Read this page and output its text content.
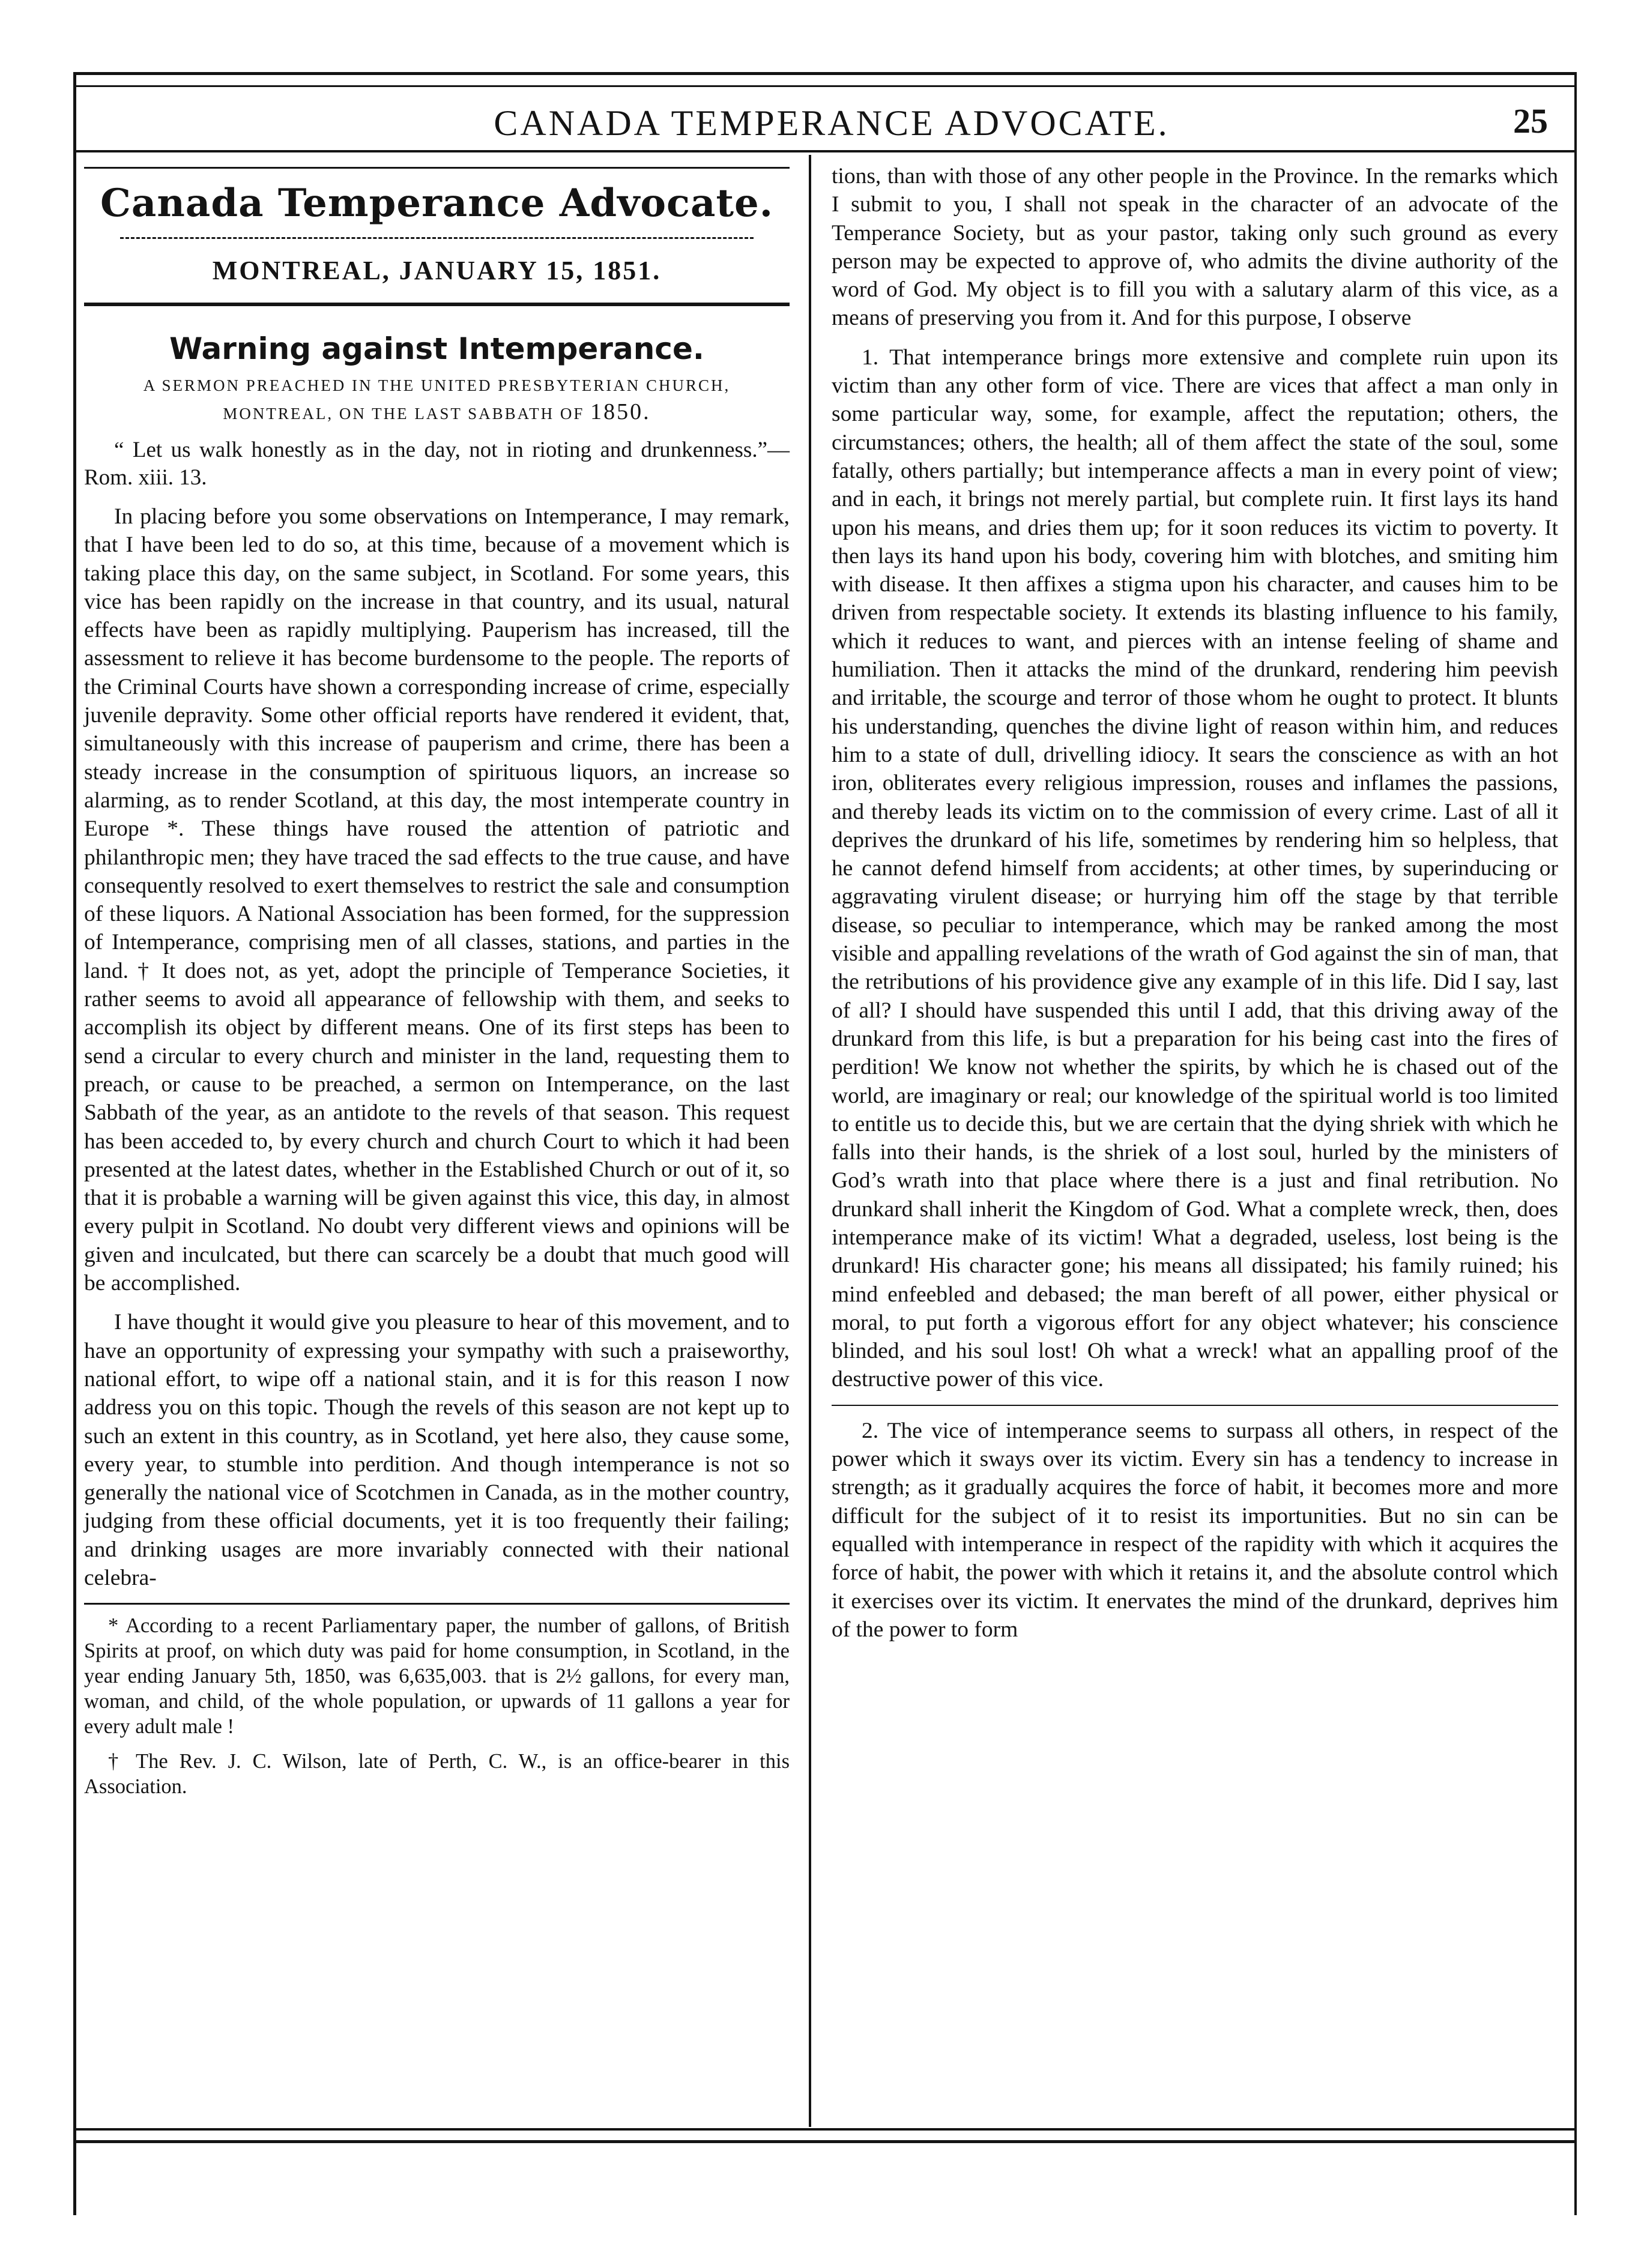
CANADA TEMPERANCE ADVOCATE.	25
Canada Temperance Advocate.
MONTREAL, JANUARY 15, 1851.
Warning against Intemperance.
A SERMON PREACHED IN THE UNITED PRESBYTERIAN CHURCH, MONTREAL, ON THE LAST SABBATH OF 1850.

“ Let us walk honestly as in the day, not in rioting and drunkenness.”—Rom. xiii. 13.

In placing before you some observations on Intemperance, I may remark, that I have been led to do so, at this time, because of a movement which is taking place this day, on the same subject, in Scotland. For some years, this vice has been rapidly on the increase in that country, and its usual, natural effects have been as rapidly multiplying. Pauperism has increased, till the assessment to relieve it has become burdensome to the people. The reports of the Criminal Courts have shown a corresponding increase of crime, especially juvenile depravity. Some other official reports have rendered it evident, that, simultaneously with this increase of pauperism and crime, there has been a steady increase in the consumption of spirituous liquors, an increase so alarming, as to render Scotland, at this day, the most intemperate country in Europe *. These things have roused the attention of patriotic and philanthropic men; they have traced the sad effects to the true cause, and have consequently resolved to exert themselves to restrict the sale and consumption of these liquors. A National Association has been formed, for the suppression of Intemperance, comprising men of all classes, stations, and parties in the land. † It does not, as yet, adopt the principle of Temperance Societies, it rather seems to avoid all appearance of fellowship with them, and seeks to accomplish its object by different means. One of its first steps has been to send a circular to every church and minister in the land, requesting them to preach, or cause to be preached, a sermon on Intemperance, on the last Sabbath of the year, as an antidote to the revels of that season. This request has been acceded to, by every church and church Court to which it had been presented at the latest dates, whether in the Established Church or out of it, so that it is probable a warning will be given against this vice, this day, in almost every pulpit in Scotland. No doubt very different views and opinions will be given and inculcated, but there can scarcely be a doubt that much good will be accomplished.

I have thought it would give you pleasure to hear of this movement, and to have an opportunity of expressing your sympathy with such a praiseworthy, national effort, to wipe off a national stain, and it is for this reason I now address you on this topic. Though the revels of this season are not kept up to such an extent in this country, as in Scotland, yet here also, they cause some, every year, to stumble into perdition. And though intemperance is not so generally the national vice of Scotchmen in Canada, as in the mother country, judging from these official documents, yet it is too frequently their failing; and drinking usages are more invariably connected with their national celebra-

* According to a recent Parliamentary paper, the number of gallons, of British Spirits at proof, on which duty was paid for home consumption, in Scotland, in the year ending January 5th, 1850, was 6,635,003. that is 2½ gallons, for every man, woman, and child, of the whole population, or upwards of 11 gallons a year for every adult male !

† The Rev. J. C. Wilson, late of Perth, C. W., is an office-bearer in this Association.

tions, than with those of any other people in the Province. In the remarks which I submit to you, I shall not speak in the character of an advocate of the Temperance Society, but as your pastor, taking only such ground as every person may be expected to approve of, who admits the divine authority of the word of God. My object is to fill you with a salutary alarm of this vice, as a means of preserving you from it. And for this purpose, I observe

1. That intemperance brings more extensive and complete ruin upon its victim than any other form of vice. There are vices that affect a man only in some particular way, some, for example, affect the reputation; others, the circumstances; others, the health; all of them affect the state of the soul, some fatally, others partially; but intemperance affects a man in every point of view; and in each, it brings not merely partial, but complete ruin. It first lays its hand upon his means, and dries them up; for it soon reduces its victim to poverty. It then lays its hand upon his body, covering him with blotches, and smiting him with disease. It then affixes a stigma upon his character, and causes him to be driven from respectable society. It extends its blasting influence to his family, which it reduces to want, and pierces with an intense feeling of shame and humiliation. Then it attacks the mind of the drunkard, rendering him peevish and irritable, the scourge and terror of those whom he ought to protect. It blunts his understanding, quenches the divine light of reason within him, and reduces him to a state of dull, drivelling idiocy. It sears the conscience as with an hot iron, obliterates every religious impression, rouses and inflames the passions, and thereby leads its victim on to the commission of every crime. Last of all it deprives the drunkard of his life, sometimes by rendering him so helpless, that he cannot defend himself from accidents; at other times, by superinducing or aggravating virulent disease; or hurrying him off the stage by that terrible disease, so peculiar to intemperance, which may be ranked among the most visible and appalling revelations of the wrath of God against the sin of man, that the retributions of his providence give any example of in this life. Did I say, last of all? I should have suspended this until I add, that this driving away of the drunkard from this life, is but a preparation for his being cast into the fires of perdition! We know not whether the spirits, by which he is chased out of the world, are imaginary or real; our knowledge of the spiritual world is too limited to entitle us to decide this, but we are certain that the dying shriek with which he falls into their hands, is the shriek of a lost soul, hurled by the ministers of God’s wrath into that place where there is a just and final retribution. No drunkard shall inherit the Kingdom of God. What a complete wreck, then, does intemperance make of its victim! What a degraded, useless, lost being is the drunkard! His character gone; his means all dissipated; his family ruined; his mind enfeebled and debased; the man bereft of all power, either physical or moral, to put forth a vigorous effort for any object whatever; his conscience blinded, and his soul lost! Oh what a wreck! what an appalling proof of the destructive power of this vice.

2. The vice of intemperance seems to surpass all others, in respect of the power which it sways over its victim. Every sin has a tendency to increase in strength; as it gradually acquires the force of habit, it becomes more and more difficult for the subject of it to resist its importunities. But no sin can be equalled with intemperance in respect of the rapidity with which it acquires the force of habit, the power with which it retains it, and the absolute control which it exercises over its victim. It enervates the mind of the drunkard, deprives him of the power to form
